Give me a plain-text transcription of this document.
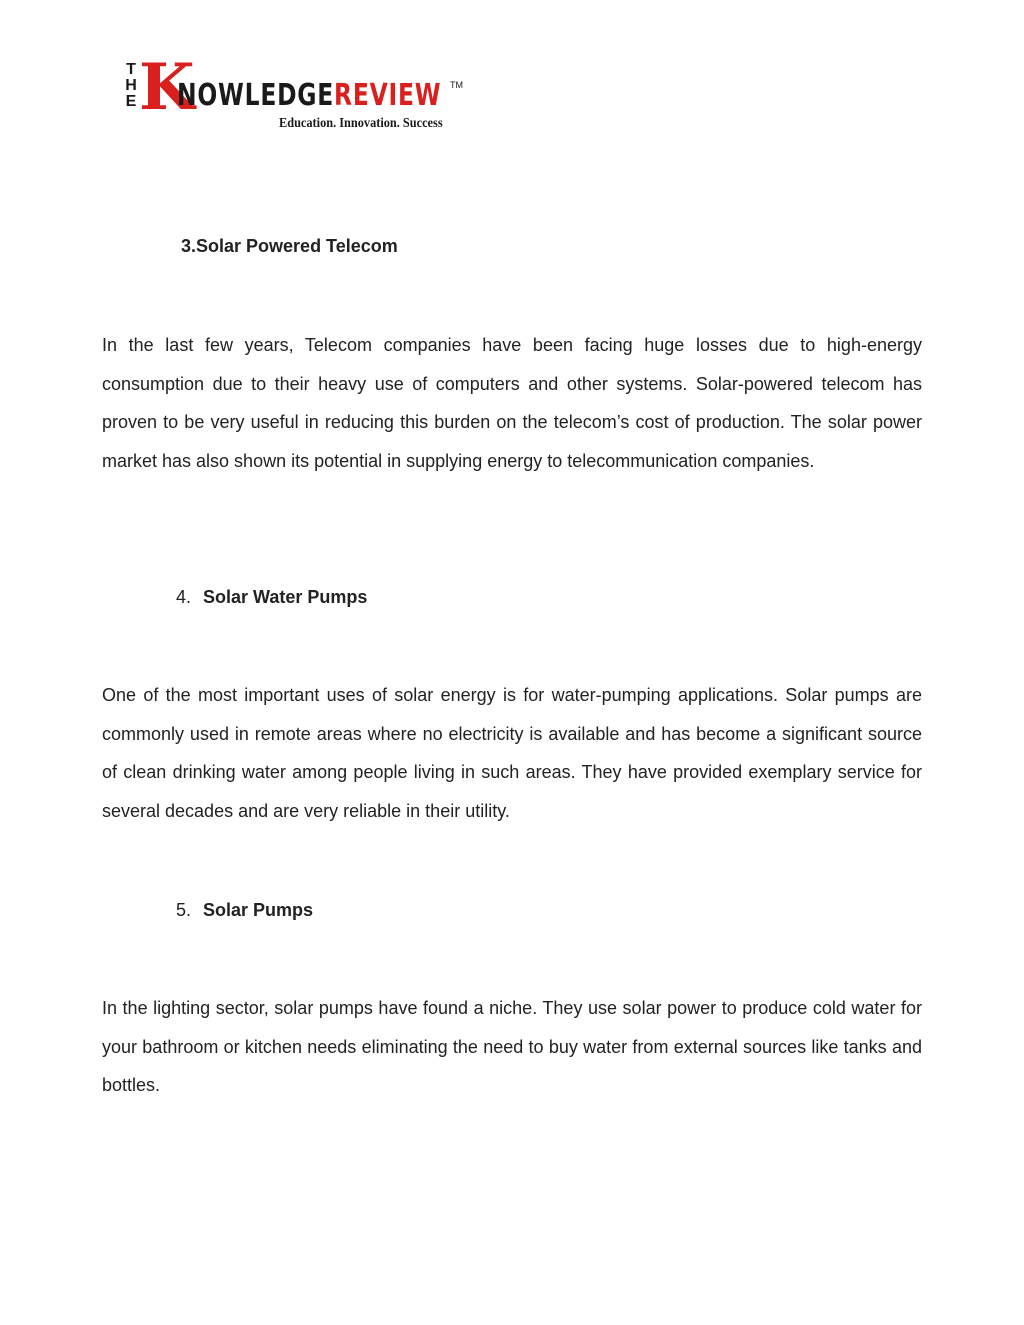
T
H
E K
NOWLEDGEREVIEW TM
Education. Innovation. Success
3.Solar Powered Telecom

In the last few years, Telecom companies have been facing huge losses due to high-energy consumption due to their heavy use of computers and other systems. Solar-powered telecom has proven to be very useful in reducing this burden on the telecom’s cost of production. The solar power market has also shown its potential in supplying energy to telecommunication companies.

4. Solar Water Pumps

One of the most important uses of solar energy is for water-pumping applications. Solar pumps are commonly used in remote areas where no electricity is available and has become a significant source of clean drinking water among people living in such areas. They have provided exemplary service for several decades and are very reliable in their utility.

5. Solar Pumps

In the lighting sector, solar pumps have found a niche. They use solar power to produce cold water for your bathroom or kitchen needs eliminating the need to buy water from external sources like tanks and bottles.
